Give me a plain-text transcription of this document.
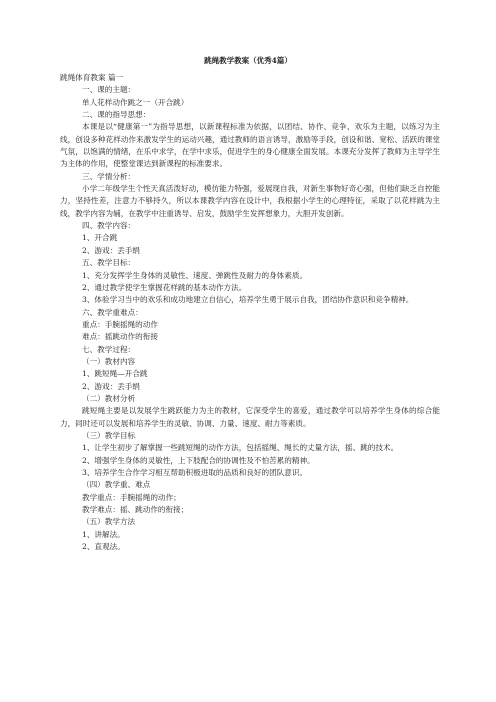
跳绳教学教案（优秀4篇）
跳绳体育教案 篇一
一、课的主题：
单人花样动作跳之一（开合跳）
二、课的指导思想：
本课是以“健康第一”为指导思想，以新课程标准为依据，以团结、协作、竞争、欢乐为主题，以练习为主线，创设多种花样动作来激发学生的运动兴趣，通过教师的语言诱导，激励等手段，创设和谐、宽松、活跃的课堂气氛，以饱满的情绪，在乐中求学，在学中求乐，促进学生的身心健康全面发展。本课充分发挥了教师为主导学生为主体的作用，使整堂课达到新课程的标准要求。
三、学情分析：
小学二年级学生个性天真活泼好动，模仿能力特强，爱展现自我，对新生事物好奇心强，但他们缺乏自控能力，坚持性差，注意力不够持久，所以本课教学内容在设计中，我根据小学生的心理特征，采取了以花样跳为主线，教学内容为辅，在教学中注重诱导、启发，鼓励学生发挥想象力，大胆开发创新。
四、教学内容：
1、开合跳
2、游戏：丢手绢
五、教学目标：
1、充分发挥学生身体的灵敏性、速度、弹跳性及耐力的身体素质。
2、通过教学使学生掌握花样跳的基本动作方法。
3、体验学习当中的欢乐和成功地建立自信心，培养学生勇于展示自我，团结协作意识和竞争精神。
六、教学重难点：
重点：手腕摇绳的动作
难点：摇跳动作的衔接
七、教学过程：
（一）教材内容
1、跳短绳—开合跳
2、游戏：丢手绢
（二）教材分析
跳短绳主要是以发展学生跳跃能力为主的教材，它深受学生的喜爱，通过教学可以培养学生身体的综合能力，同时还可以发展和培养学生的灵敏、协调、力量、速度、耐力等素质。
（三）教学目标
1、让学生初步了解掌握一些跳短绳的动作方法，包括摇绳、绳长的丈量方法，摇、跳的技术。
2、增强学生身体的灵敏性，上下肢配合的协调性及不怕苦累的精神。
3、培养学生合作学习相互帮助积极进取的品质和良好的团队意识。
（四）教学重、难点
教学重点：手腕摇绳的动作；
教学难点：摇、跳动作的衔接；
（五）教学方法
1、讲解法。
2、直观法。
